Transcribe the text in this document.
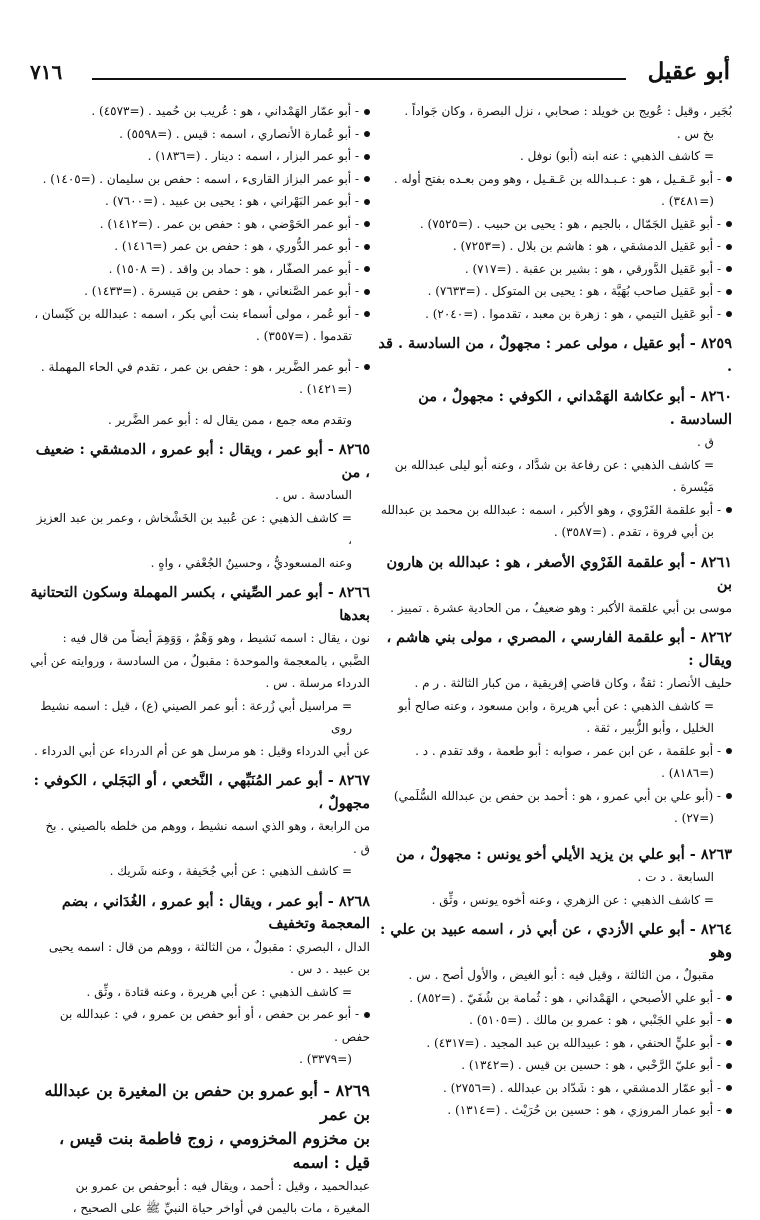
أبو عقيل
٧١٦
بُجَير ، وقيل : عُويج بن خويلد : صحابي ، نزل البصرة ، وكان جَواداً .
بخ س .
= كاشف الذهبي : عنه ابنه (أبو) نوفل .
- أبو عَـقـيل ، هو : عـبـدالله بن عَـقـيل ، وهو ومن بعـده بفتح أوله .
(=٣٤٨١) .
- أبو عَقيل الجَمّال ، بالجيم ، هو : يحيى بن حبيب . (=٧٥٢٥) .
- أبو عَقيل الدمشقي ، هو : هاشم بن بلال . (=٧٢٥٣) .
- أبو عَقيل الدَّورقي ، هو : بشير بن عقبة . (=٧١٧) .
- أبو عَقيل صاحب بُهَيَّة ، هو : يحيى بن المتوكل . (=٧٦٣٣) .
- أبو عَقيل التيمي ، هو : زهرة بن معبد ، تقدموا . (=٢٠٤٠) .
٨٢٥٩ - أبو عقيل ، مولى عمر : مجهولٌ ، من السادسة . قد .
٨٢٦٠ - أبو عكاشة الهَمْداني ، الكوفي : مجهولٌ ، من السادسة .
ق .
= كاشف الذهبي : عن رفاعة بن شدَّاد ، وعنه أبو ليلى عبدالله بن
مَيْسرة .
- أبو علقمة الفَرْوي ، وهو الأكبر ، اسمه : عبدالله بن محمد بن عبدالله
بن أبي فروة ، تقدم . (=٣٥٨٧) .
٨٢٦١ - أبو علقمة الفَرْوي الأصغر ، هو : عبدالله بن هارون بن
موسى بن أبي علقمة الأكبر : وهو ضعيفٌ ، من الحادية عشرة . تمييز .
٨٢٦٢ - أبو علقمة الفارسي ، المصري ، مولى بني هاشم ، ويقال :
حليف الأنصار : ثقةٌ ، وكان قاضي إفريقية ، من كبار الثالثة . ر م .
= كاشف الذهبي : عن أبي هريرة ، وابن مسعود ، وعنه صالح أبو
الخليل ، وأبو الزُّبير ، ثقة .
- أبو علقمة ، عن ابن عمر ، صوابه : أبو طعمة ، وقد تقدم . د .
(=٨١٨٦) .
- (أبو علي بن أبي عمرو ، هو : أحمد بن حفص بن عبدالله السُّلَمي)
(=٢٧) .
٨٢٦٣ - أبو علي بن يزيد الأيلي أخو يونس : مجهولٌ ، من
السابعة . د ت .
= كاشف الذهبي : عن الزهري ، وعنه أخوه يونس ، وثِّق .
٨٢٦٤ - أبو علي الأزدي ، عن أبي ذر ، اسمه عبيد بن علي : وهو
مقبولٌ ، من الثالثة ، وقيل فيه : أبو الغيض ، والأول أصح . س .
- أبو علي الأصبحي ، الهَمْداني ، هو : ثُمامة بن شُفَيّ . (=٨٥٢) .
- أبو علي الجَنْبي ، هو : عمرو بن مالك . (=٥١٠٥) .
- أبو عليٍّ الحنفي ، هو : عبيدالله بن عبد المجيد . (=٤٣١٧) .
- أبو عليّ الرَّحْبي ، هو : حسين بن قيس . (=١٣٤٢) .
- أبو عمّار الدمشقي ، هو : شَدّاد بن عبدالله . (=٢٧٥٦) .
- أبو عمار المروزي ، هو : حسين بن حُرَيْث . (=١٣١٤) .
- أبو عمّار الهَمْداني ، هو : عُريب بن حُميد . (=٤٥٧٣) .
- أبو عُمارة الأنصاري ، اسمه : قيس . (=٥٥٩٨) .
- أبو عمر البزار ، اسمه : دينار . (=١٨٣٦) .
- أبو عمر البزاز القارىء ، اسمه : حفص بن سليمان . (=١٤٠٥) .
- أبو عمر البَهْراني ، هو : يحيى بن عبيد . (=٧٦٠٠) .
- أبو عمر الحَوْضي ، هو : حفص بن عمر . (=١٤١٢) .
- أبو عمر الدُّوري ، هو : حفص بن عمر (=١٤١٦) .
- أبو عمر الصفّار ، هو : حماد بن واقد . (= ١٥٠٨) .
- أبو عمر الصَّنعاني ، هو : حفص بن مَيسرة . (=١٤٣٣) .
- أبو عُمر ، مولى أسماء بنت أبي بكر ، اسمه : عبدالله بن كَيْسان ،
تقدموا . (=٣٥٥٧) .
- أبو عمر الضَّرير ، هو : حفص بن عمر ، تقدم في الحاء المهملة .
(=١٤٢١) .
وتقدم معه جمع ، ممن يقال له : أبو عمر الضَّرير .
٨٢٦٥ - أبو عمر ، ويقال : أبو عمرو ، الدمشقي : ضعيف ، من
السادسة . س .
= كاشف الذهبي : عن عُبيد بن الخَشْخاش ، وعمر بن عبد العزيز ،
وعنه المسعوديُّ ، وحسينٌ الجُعْفي ، واهٍ .
٨٢٦٦ - أبو عمر الصِّيني ، بكسر المهملة وسكون التحتانية بعدها
نون ، يقال : اسمه نَشيط ، وهو وَهْمٌ ، وَوَهِمَ أيضاً من قال فيه :
الضَّبي ، بالمعجمة والموحدة : مقبولٌ ، من السادسة ، وروايته عن أبي
الدرداء مرسلة . س .
= مراسيل أبي زُرعة : أبو عمر الصيني (ع) ، قيل : اسمه نشيط روى
عن أبي الدرداء وقيل : هو مرسل هو عن أم الدرداء عن أبي الدرداء .
٨٢٦٧ - أبو عمر المُنَبِّهي ، النَّخعي ، أو البَجَلي ، الكوفي : مجهولٌ ،
من الرابعة ، وهو الذي اسمه نشيط ، ووهم من خلطه بالصيني . بخ
ق .
= كاشف الذهبي : عن أبي جُحَيفة ، وعنه شَريك .
٨٢٦٨ - أبو عمر ، ويقال : أبو عمرو ، الغُدَاني ، بضم المعجمة وتخفيف
الدال ، البصري : مقبولٌ ، من الثالثة ، ووهم من قال : اسمه يحيى
بن عبيد . د س .
= كاشف الذهبي : عن أبي هريرة ، وعنه قتادة ، وثِّق .
- أبو عمر بن حفص ، أو أبو حفص بن عمرو ، في : عبدالله بن حفص .
(=٣٣٧٩) .
٨٢٦٩ - أبو عمرو بن حفص بن المغيرة بن عبدالله بن عمر
بن مخزوم المخزومي ، زوج فاطمة بنت قيس ، قيل : اسمه
عبدالحميد ، وقيل : أحمد ، ويقال فيه : أبوحفص بن عمرو بن
المغيرة ، مات باليمن في أواخر حياة النبيِّ ﷺ على الصحيح ،
